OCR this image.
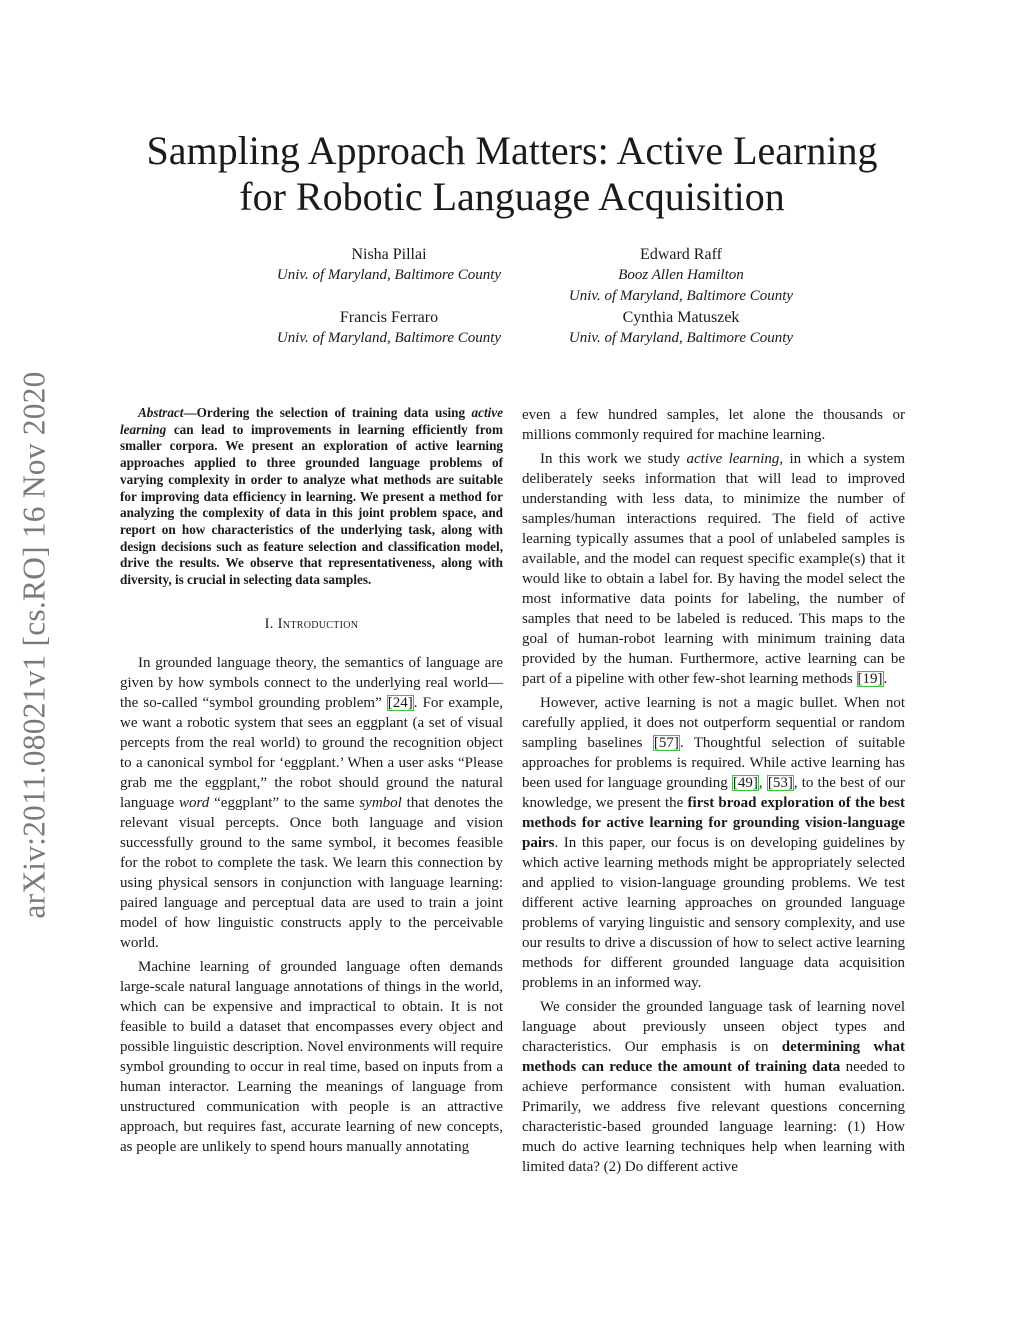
arXiv:2011.08021v1 [cs.RO] 16 Nov 2020
Sampling Approach Matters: Active Learning
for Robotic Language Acquisition
Nisha Pillai
Univ. of Maryland, Baltimore County
Edward Raff
Booz Allen Hamilton
Univ. of Maryland, Baltimore County
Francis Ferraro
Univ. of Maryland, Baltimore County
Cynthia Matuszek
Univ. of Maryland, Baltimore County

Abstract—Ordering the selection of training data using active learning can lead to improvements in learning efficiently from smaller corpora. We present an exploration of active learning approaches applied to three grounded language problems of varying complexity in order to analyze what methods are suitable for improving data efficiency in learning. We present a method for analyzing the complexity of data in this joint problem space, and report on how characteristics of the underlying task, along with design decisions such as feature selection and classification model, drive the results. We observe that representativeness, along with diversity, is crucial in selecting data samples.

I. Introduction

In grounded language theory, the semantics of language are given by how symbols connect to the underlying real world—the so-called “symbol grounding problem” [24]. For example, we want a robotic system that sees an eggplant (a set of visual percepts from the real world) to ground the recognition object to a canonical symbol for ‘eggplant.’ When a user asks “Please grab me the eggplant,” the robot should ground the natural language word “eggplant” to the same symbol that denotes the relevant visual percepts. Once both language and vision successfully ground to the same symbol, it becomes feasible for the robot to complete the task. We learn this connection by using physical sensors in conjunction with language learning: paired language and perceptual data are used to train a joint model of how linguistic constructs apply to the perceivable world.

Machine learning of grounded language often demands large-scale natural language annotations of things in the world, which can be expensive and impractical to obtain. It is not feasible to build a dataset that encompasses every object and possible linguistic description. Novel environments will require symbol grounding to occur in real time, based on inputs from a human interactor. Learning the meanings of language from unstructured communication with people is an attractive approach, but requires fast, accurate learning of new concepts, as people are unlikely to spend hours manually annotating

even a few hundred samples, let alone the thousands or millions commonly required for machine learning.

In this work we study active learning, in which a system deliberately seeks information that will lead to improved understanding with less data, to minimize the number of samples/human interactions required. The field of active learning typically assumes that a pool of unlabeled samples is available, and the model can request specific example(s) that it would like to obtain a label for. By having the model select the most informative data points for labeling, the number of samples that need to be labeled is reduced. This maps to the goal of human-robot learning with minimum training data provided by the human. Furthermore, active learning can be part of a pipeline with other few-shot learning methods [19].

However, active learning is not a magic bullet. When not carefully applied, it does not outperform sequential or random sampling baselines [57]. Thoughtful selection of suitable approaches for problems is required. While active learning has been used for language grounding [49], [53], to the best of our knowledge, we present the first broad exploration of the best methods for active learning for grounding vision-language pairs. In this paper, our focus is on developing guidelines by which active learning methods might be appropriately selected and applied to vision-language grounding problems. We test different active learning approaches on grounded language problems of varying linguistic and sensory complexity, and use our results to drive a discussion of how to select active learning methods for different grounded language data acquisition problems in an informed way.

We consider the grounded language task of learning novel language about previously unseen object types and characteristics. Our emphasis is on determining what methods can reduce the amount of training data needed to achieve performance consistent with human evaluation. Primarily, we address five relevant questions concerning characteristic-based grounded language learning: (1) How much do active learning techniques help when learning with limited data? (2) Do different active
